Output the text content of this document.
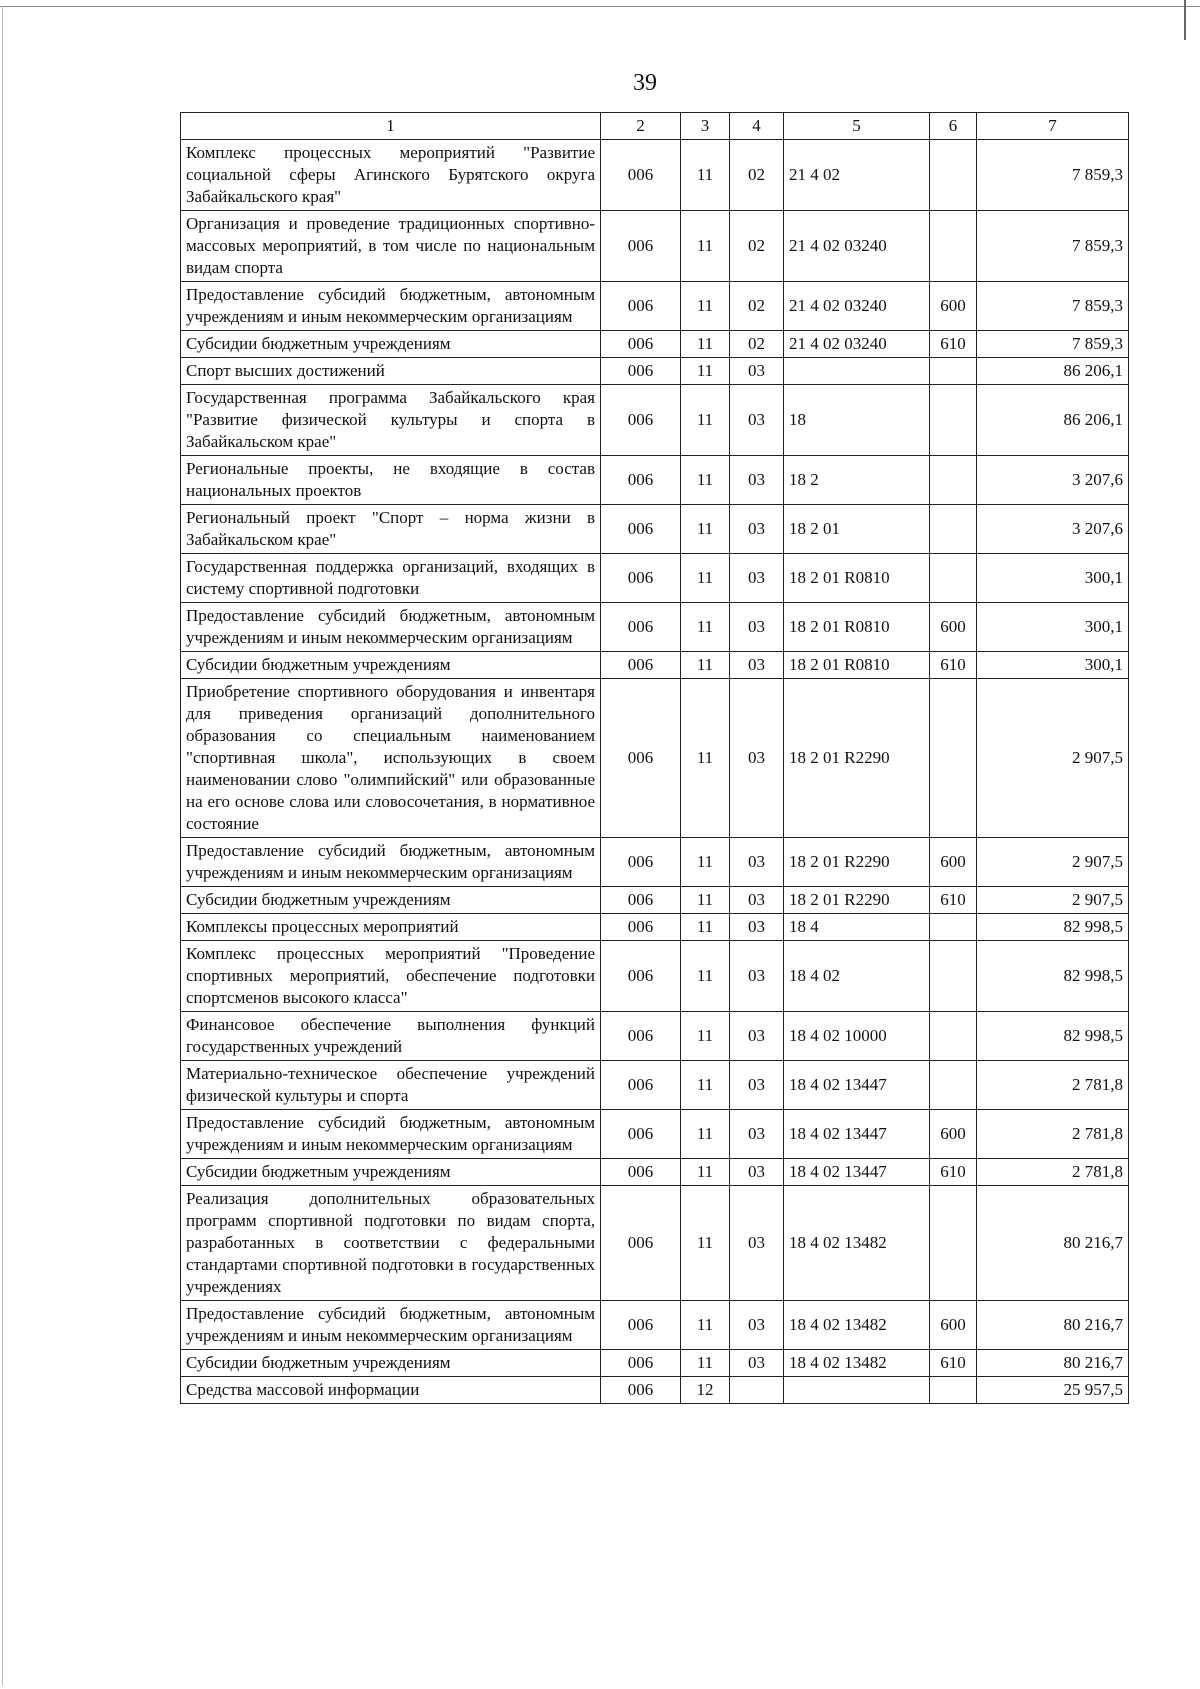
39
1	2	3	4	5	6	7
Комплекс процессных мероприятий "Развитие социальной сферы Агинского Бурятского округа Забайкальского края"	006	11	02	21 4 02		7 859,3
Организация и проведение традиционных спортивно-массовых мероприятий, в том числе по национальным видам спорта	006	11	02	21 4 02 03240		7 859,3
Предоставление субсидий бюджетным, автономным учреждениям и иным некоммерческим организациям	006	11	02	21 4 02 03240	600	7 859,3
Субсидии бюджетным учреждениям	006	11	02	21 4 02 03240	610	7 859,3
Спорт высших достижений	006	11	03			86 206,1
Государственная программа Забайкальского края "Развитие физической культуры и спорта в Забайкальском крае"	006	11	03	18		86 206,1
Региональные проекты, не входящие в состав национальных проектов	006	11	03	18 2		3 207,6
Региональный проект "Спорт – норма жизни в Забайкальском крае"	006	11	03	18 2 01		3 207,6
Государственная поддержка организаций, входящих в систему спортивной подготовки	006	11	03	18 2 01 R0810		300,1
Предоставление субсидий бюджетным, автономным учреждениям и иным некоммерческим организациям	006	11	03	18 2 01 R0810	600	300,1
Субсидии бюджетным учреждениям	006	11	03	18 2 01 R0810	610	300,1
Приобретение спортивного оборудования и инвентаря для приведения организаций дополнительного образования со специальным наименованием "спортивная школа", использующих в своем наименовании слово "олимпийский" или образованные на его основе слова или словосочетания, в нормативное состояние	006	11	03	18 2 01 R2290		2 907,5
Предоставление субсидий бюджетным, автономным учреждениям и иным некоммерческим организациям	006	11	03	18 2 01 R2290	600	2 907,5
Субсидии бюджетным учреждениям	006	11	03	18 2 01 R2290	610	2 907,5
Комплексы процессных мероприятий	006	11	03	18 4		82 998,5
Комплекс процессных мероприятий "Проведение спортивных мероприятий, обеспечение подготовки спортсменов высокого класса"	006	11	03	18 4 02		82 998,5
Финансовое обеспечение выполнения функций государственных учреждений	006	11	03	18 4 02 10000		82 998,5
Материально-техническое обеспечение учреждений физической культуры и спорта	006	11	03	18 4 02 13447		2 781,8
Предоставление субсидий бюджетным, автономным учреждениям и иным некоммерческим организациям	006	11	03	18 4 02 13447	600	2 781,8
Субсидии бюджетным учреждениям	006	11	03	18 4 02 13447	610	2 781,8
Реализация дополнительных образовательных программ спортивной подготовки по видам спорта, разработанных в соответствии с федеральными стандартами спортивной подготовки в государственных учреждениях	006	11	03	18 4 02 13482		80 216,7
Предоставление субсидий бюджетным, автономным учреждениям и иным некоммерческим организациям	006	11	03	18 4 02 13482	600	80 216,7
Субсидии бюджетным учреждениям	006	11	03	18 4 02 13482	610	80 216,7
Средства массовой информации	006	12				25 957,5
